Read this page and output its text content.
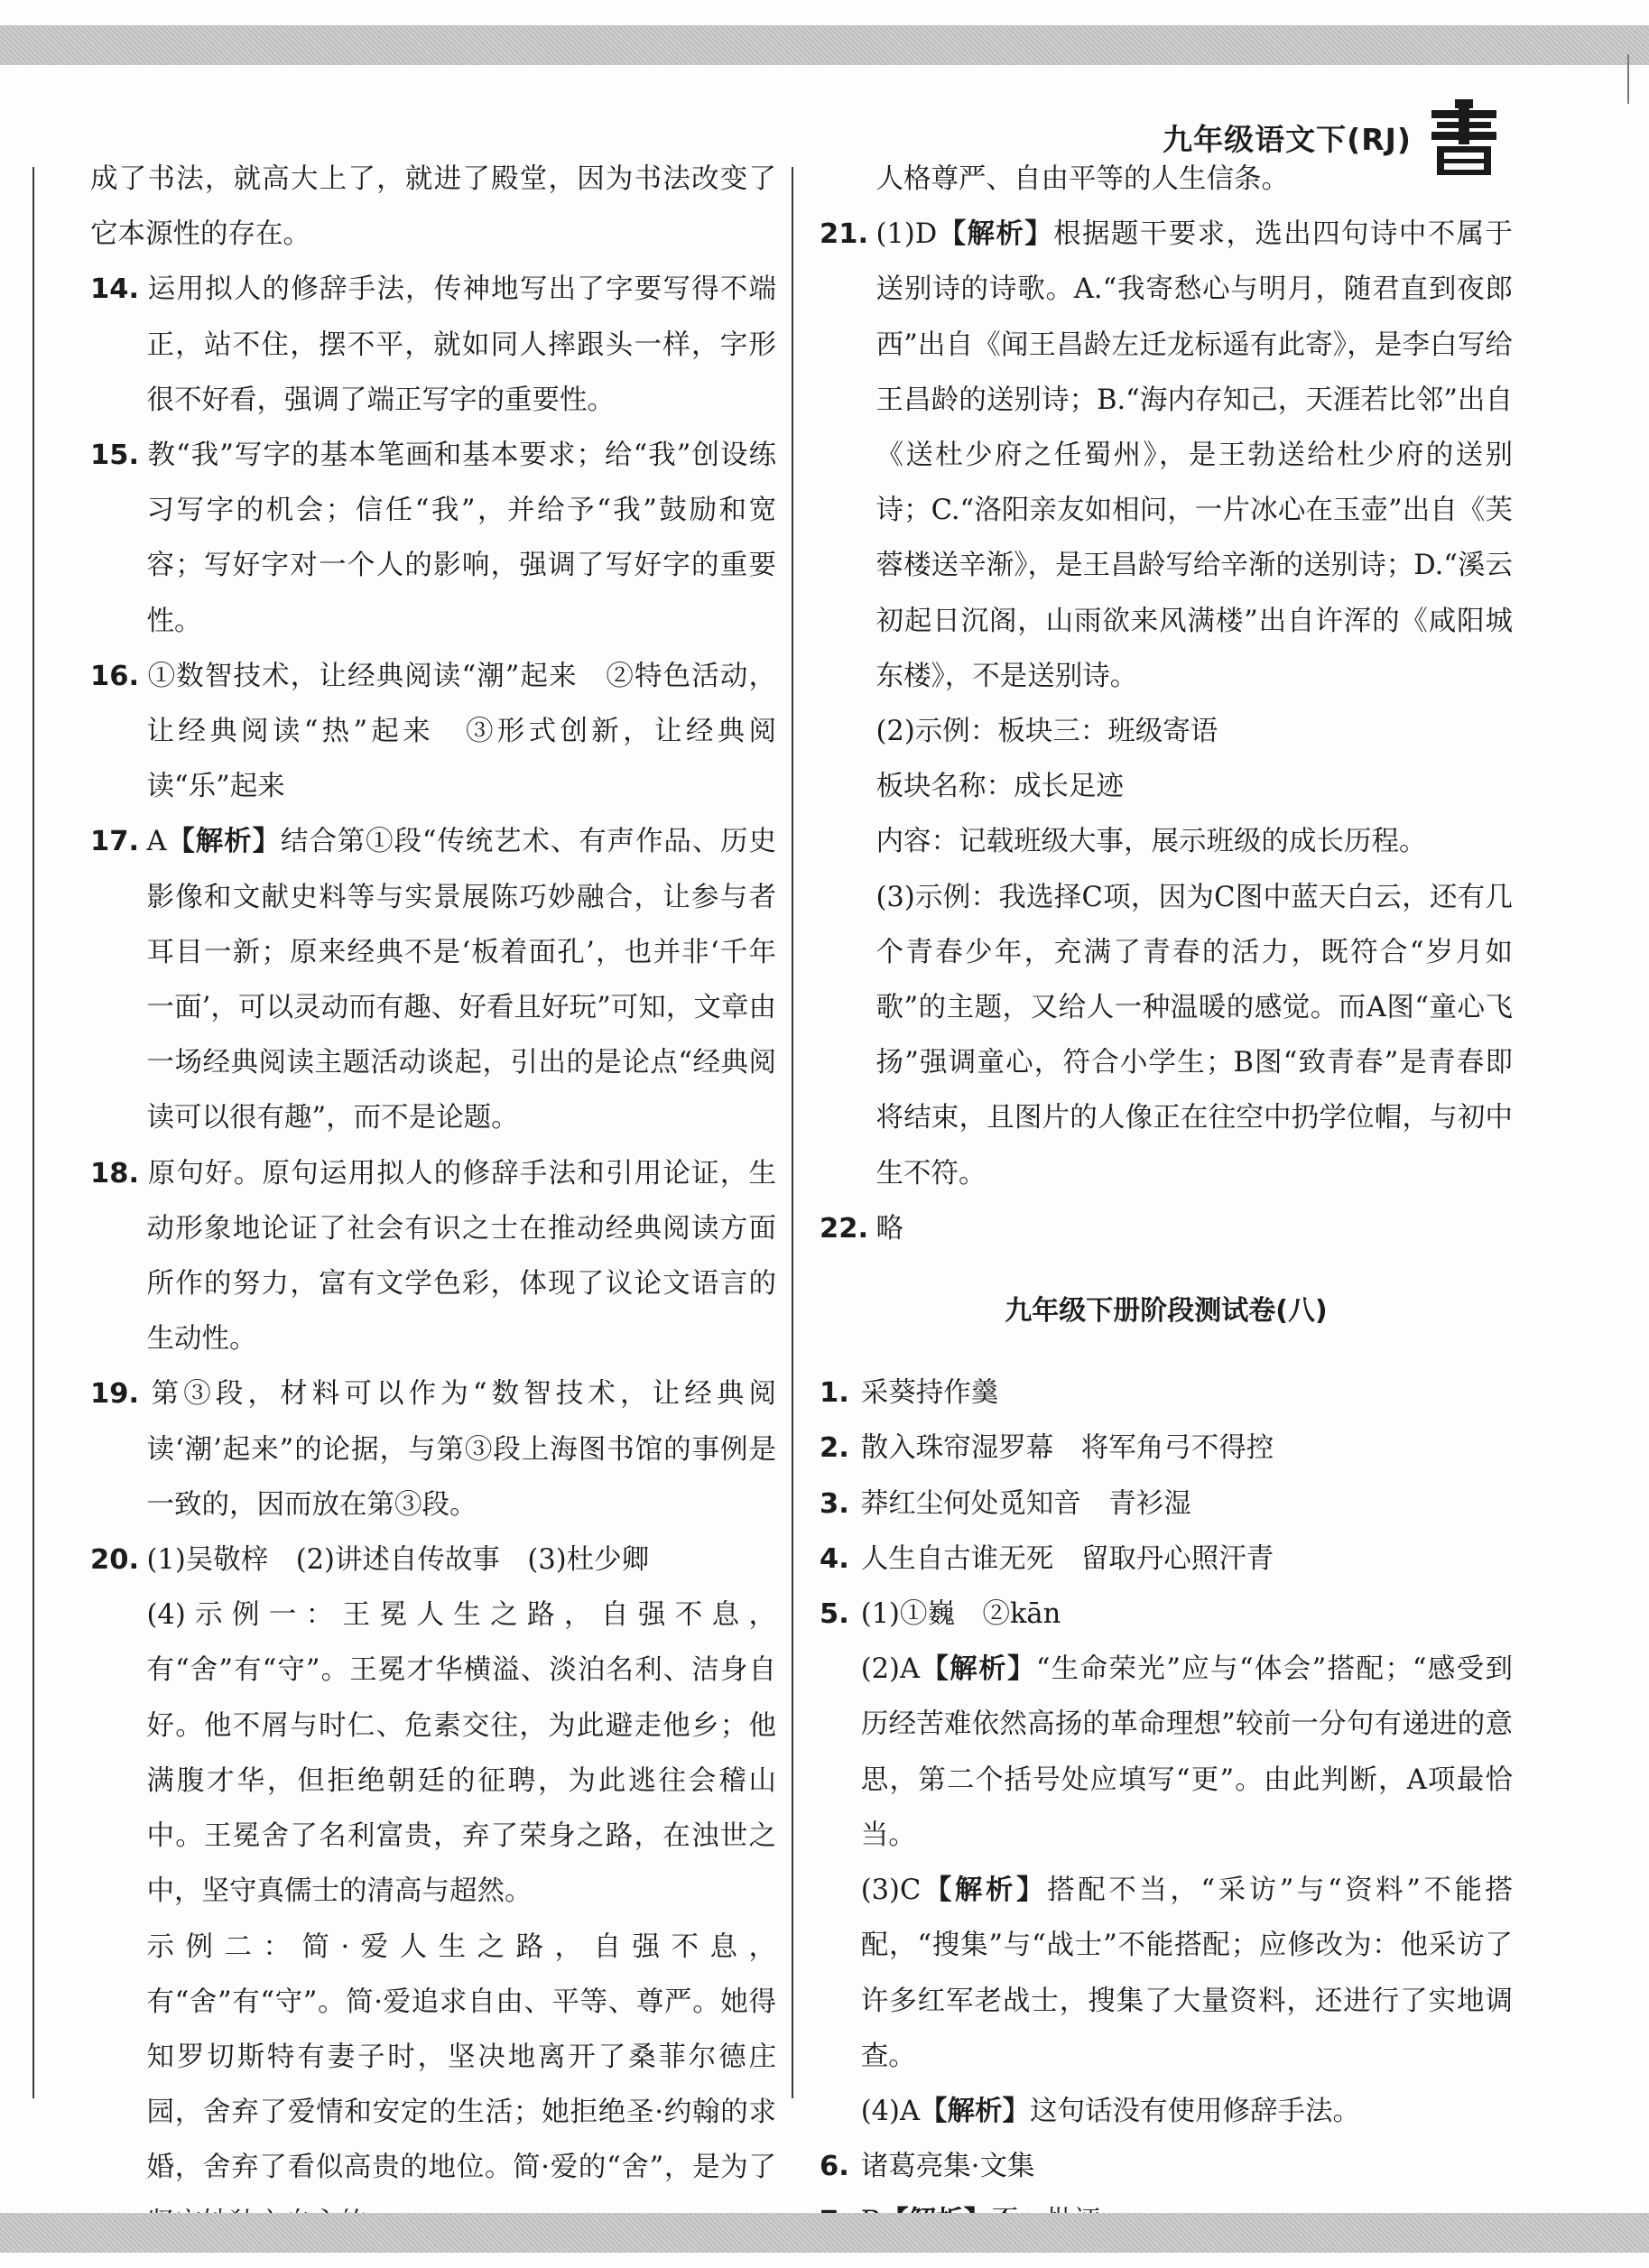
九年级语文下(RJ)

成了书法，就高大上了，就进了殿堂，因为书法改变了它本源性的存在。

14. 运用拟人的修辞手法，传神地写出了字要写得不端正，站不住，摆不平，就如同人摔跟头一样，字形很不好看，强调了端正写字的重要性。

15. 教“我”写字的基本笔画和基本要求；给“我”创设练习写字的机会；信任“我”，并给予“我”鼓励和宽容；写好字对一个人的影响，强调了写好字的重要性。

16. ①数智技术，让经典阅读“潮”起来　②特色活动，让经典阅读“热”起来　③形式创新，让经典阅读“乐”起来

17. A【解析】结合第①段“传统艺术、有声作品、历史影像和文献史料等与实景展陈巧妙融合，让参与者耳目一新；原来经典不是‘板着面孔’，也并非‘千年一面’，可以灵动而有趣、好看且好玩”可知，文章由一场经典阅读主题活动谈起，引出的是论点“经典阅读可以很有趣”，而不是论题。

18. 原句好。原句运用拟人的修辞手法和引用论证，生动形象地论证了社会有识之士在推动经典阅读方面所作的努力，富有文学色彩，体现了议论文语言的生动性。

19. 第③段，材料可以作为“数智技术，让经典阅读‘潮’起来”的论据，与第③段上海图书馆的事例是一致的，因而放在第③段。

20. (1)吴敬梓　(2)讲述自传故事　(3)杜少卿

(4)示例一：王冕人生之路，自强不息，有“舍”有“守”。王冕才华横溢、淡泊名利、洁身自好。他不屑与时仁、危素交往，为此避走他乡；他满腹才华，但拒绝朝廷的征聘，为此逃往会稽山中。王冕舍了名利富贵，弃了荣身之路，在浊世之中，坚守真儒士的清高与超然。

示例二：简·爱人生之路，自强不息，有“舍”有“守”。简·爱追求自由、平等、尊严。她得知罗切斯特有妻子时，坚决地离开了桑菲尔德庄园，舍弃了爱情和安定的生活；她拒绝圣·约翰的求婚，舍弃了看似高贵的地位。简·爱的“舍”，是为了

人格尊严、自由平等的人生信条。

21. (1)D【解析】根据题干要求，选出四句诗中不属于送别诗的诗歌。A.“我寄愁心与明月，随君直到夜郎西”出自《闻王昌龄左迁龙标遥有此寄》，是李白写给王昌龄的送别诗；B.“海内存知己，天涯若比邻”出自《送杜少府之任蜀州》，是王勃送给杜少府的送别诗；C.“洛阳亲友如相问，一片冰心在玉壶”出自《芙蓉楼送辛渐》，是王昌龄写给辛渐的送别诗；D.“溪云初起日沉阁，山雨欲来风满楼”出自许浑的《咸阳城东楼》，不是送别诗。

(2)示例：板块三：班级寄语

板块名称：成长足迹

内容：记载班级大事，展示班级的成长历程。

(3)示例：我选择C项，因为C图中蓝天白云，还有几个青春少年，充满了青春的活力，既符合“岁月如歌”的主题，又给人一种温暖的感觉。而A图“童心飞扬”强调童心，符合小学生；B图“致青春”是青春即将结束，且图片的人像正在往空中扔学位帽，与初中生不符。

22. 略

九年级下册阶段测试卷(八)

1. 采葵持作羹

2. 散入珠帘湿罗幕　将军角弓不得控

3. 莽红尘何处觅知音　青衫湿

4. 人生自古谁无死　留取丹心照汗青

5. (1)①巍　②kān

(2)A【解析】“生命荣光”应与“体会”搭配；“感受到历经苦难依然高扬的革命理想”较前一分句有递进的意思，第二个括号处应填写“更”。由此判断，A项最恰当。

(3)C【解析】搭配不当，“采访”与“资料”不能搭配，“搜集”与“战士”不能搭配；应修改为：他采访了许多红军老战士，搜集了大量资料，还进行了实地调查。

(4)A【解析】这句话没有使用修辞手法。

6. 诸葛亮集·文集
